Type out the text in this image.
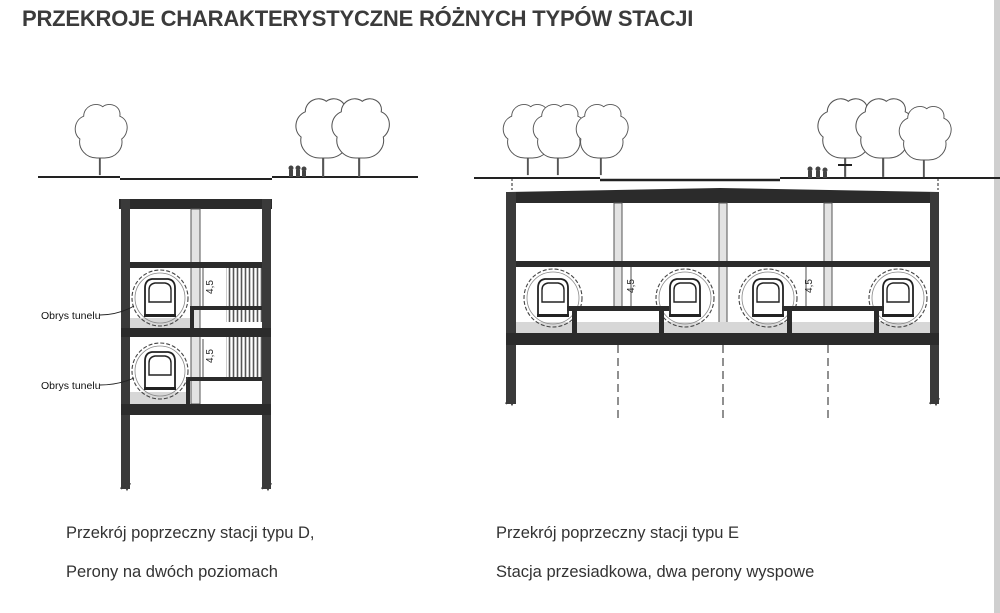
PRZEKROJE CHARAKTERYSTYCZNE RÓŻNYCH TYPÓW STACJI
4,5
4,5
Obrys tunelu
Obrys tunelu
4,5	4,5
Przekrój poprzeczny stacji typu D,
Perony na dwóch poziomach
Przekrój poprzeczny stacji typu E
Stacja przesiadkowa, dwa perony wyspowe
